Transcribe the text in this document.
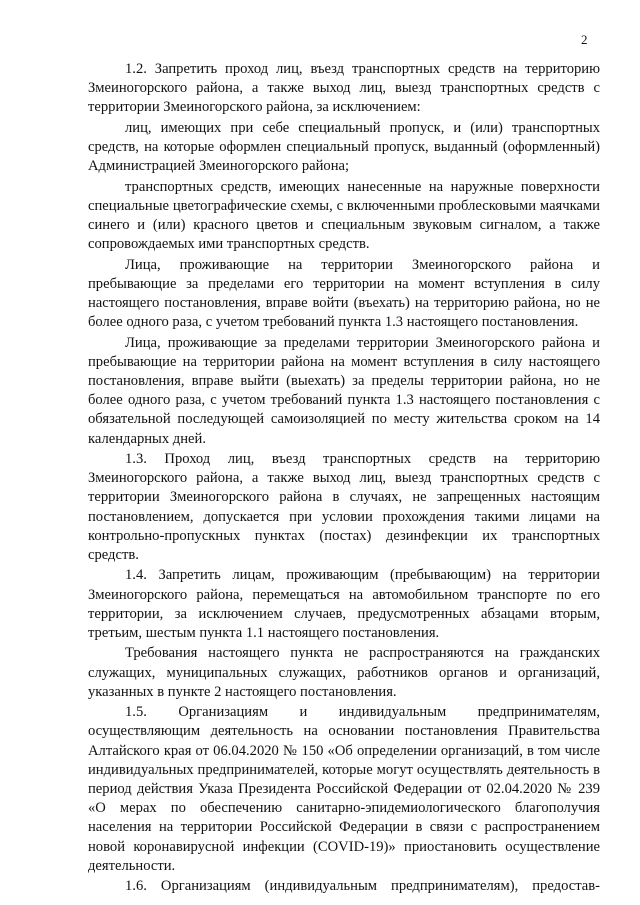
2

1.2. Запретить проход лиц, въезд транспортных средств на территорию Змеиногорского района, а также выход лиц, выезд транспортных средств с территории Змеиногорского района, за исключением:

лиц, имеющих при себе специальный пропуск, и (или) транспортных средств, на которые оформлен специальный пропуск, выданный (оформленный) Администрацией Змеиногорского района;

транспортных средств, имеющих нанесенные на наружные поверхности специальные цветографические схемы, с включенными проблесковыми маячками синего и (или) красного цветов и специальным звуковым сигналом, а также сопровождаемых ими транспортных средств.

Лица, проживающие на территории Змеиногорского района и пребывающие за пределами его территории на момент вступления в силу настоящего постановления, вправе войти (въехать) на территорию района, но не более одного раза, с учетом требований пункта 1.3 настоящего постановления.

Лица, проживающие за пределами территории Змеиногорского района и пребывающие на территории района на момент вступления в силу настоящего постановления, вправе выйти (выехать) за пределы территории района, но не более одного раза, с учетом требований пункта 1.3 настоящего постановления с обязательной последующей самоизоляцией по месту жительства сроком на 14 календарных дней.

1.3. Проход лиц, въезд транспортных средств на территорию Змеиногорского района, а также выход лиц, выезд транспортных средств с территории Змеиногорского района в случаях, не запрещенных настоящим постановлением, допускается при условии прохождения такими лицами на контрольно-пропускных пунктах (постах) дезинфекции их транспортных средств.

1.4. Запретить лицам, проживающим (пребывающим) на территории Змеиногорского района, перемещаться на автомобильном транспорте по его территории, за исключением случаев, предусмотренных абзацами вторым, третьим, шестым пункта 1.1 настоящего постановления.

Требования настоящего пункта не распространяются на гражданских служащих, муниципальных служащих, работников органов и организаций, указанных в пункте 2 настоящего постановления.

1.5. Организациям и индивидуальным предпринимателям, осуществляющим деятельность на основании постановления Правительства Алтайского края от 06.04.2020 № 150 «Об определении организаций, в том числе индивидуальных предпринимателей, которые могут осуществлять деятельность в период действия Указа Президента Российской Федерации от 02.04.2020 № 239 «О мерах по обеспечению санитарно-эпидемиологического благополучия населения на территории Российской Федерации в связи с распространением новой коронавирусной инфекции (COVID-19)» приостановить осуществление деятельности.

1.6. Организациям (индивидуальным предпринимателям), предостав-
